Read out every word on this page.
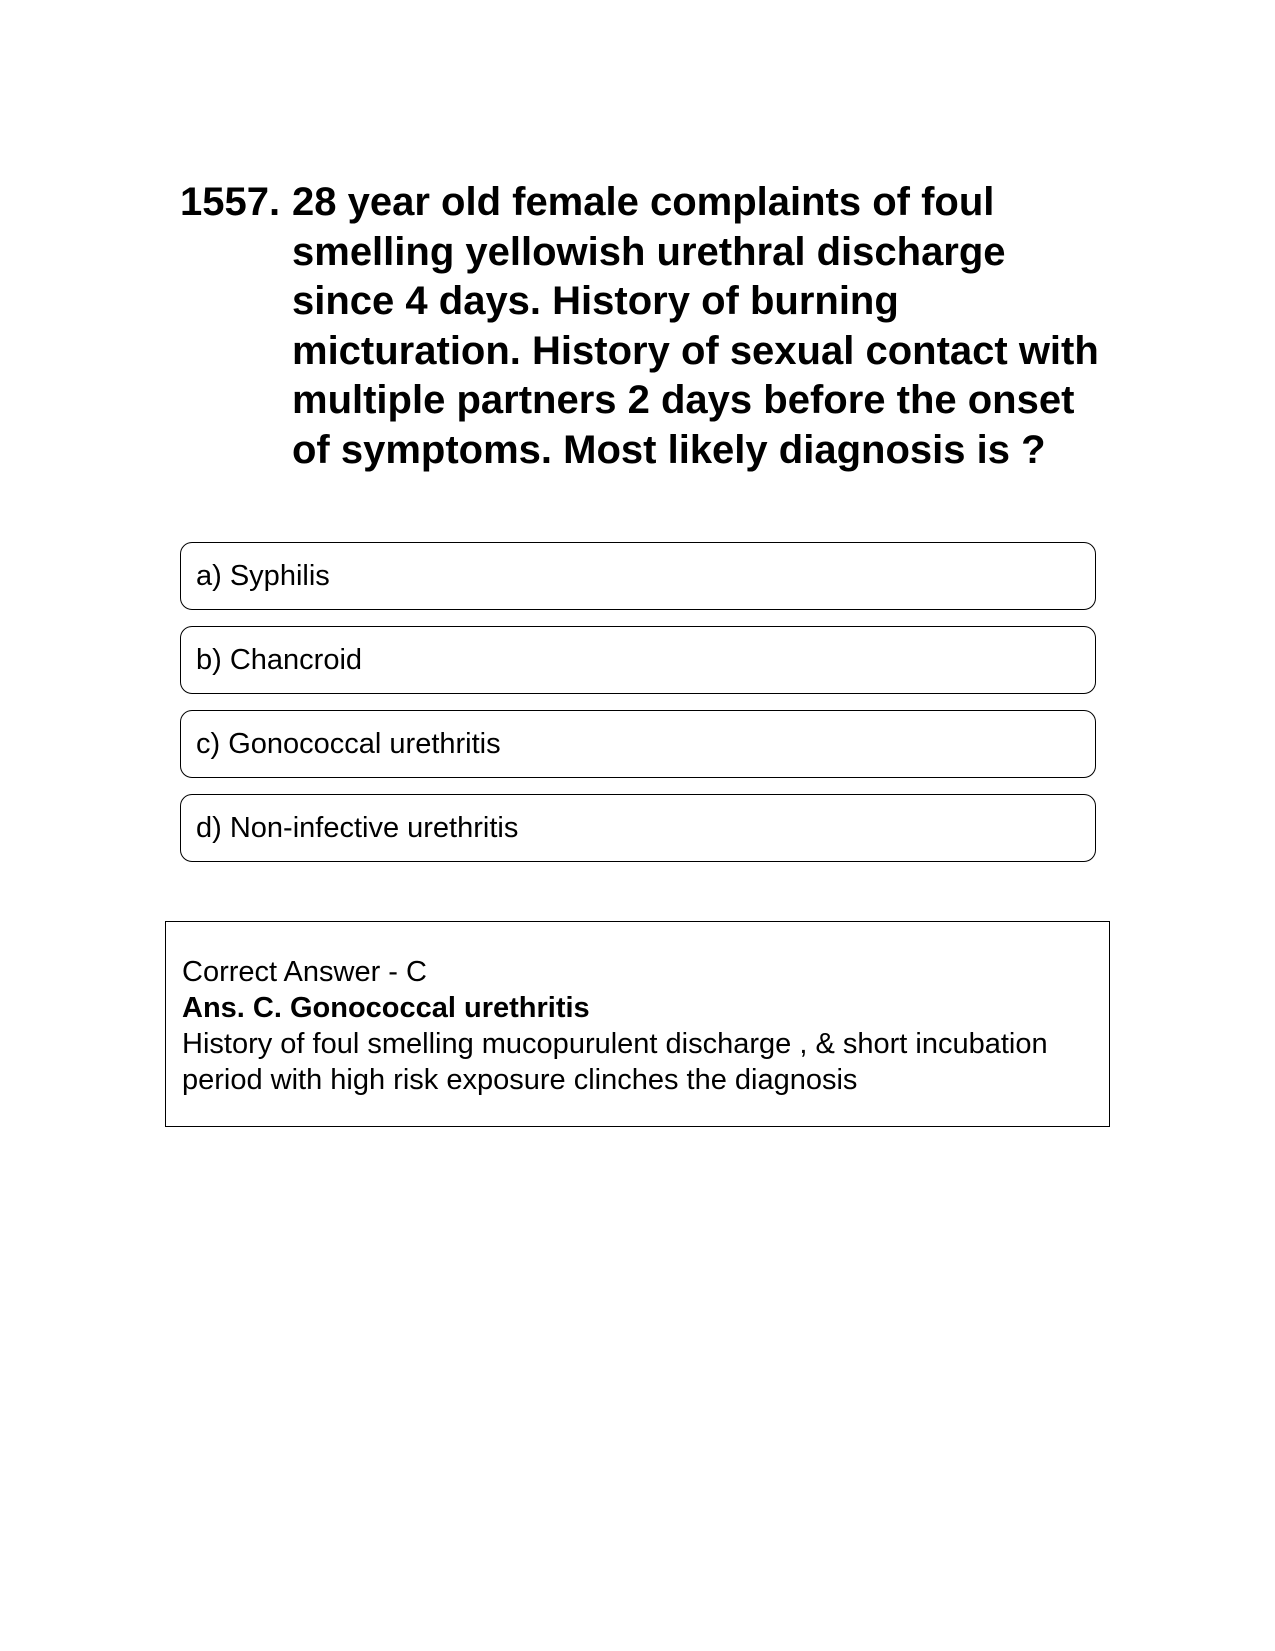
1557. 28 year old female complaints of foul smelling yellowish urethral discharge since 4 days. History of burning micturation. History of sexual contact with multiple partners 2 days before the onset of symptoms. Most likely diagnosis is ?
a) Syphilis
b) Chancroid
c) Gonococcal urethritis
d) Non-infective urethritis
Correct Answer - C
Ans. C. Gonococcal urethritis
History of foul smelling mucopurulent discharge , & short incubation period with high risk exposure clinches the diagnosis
